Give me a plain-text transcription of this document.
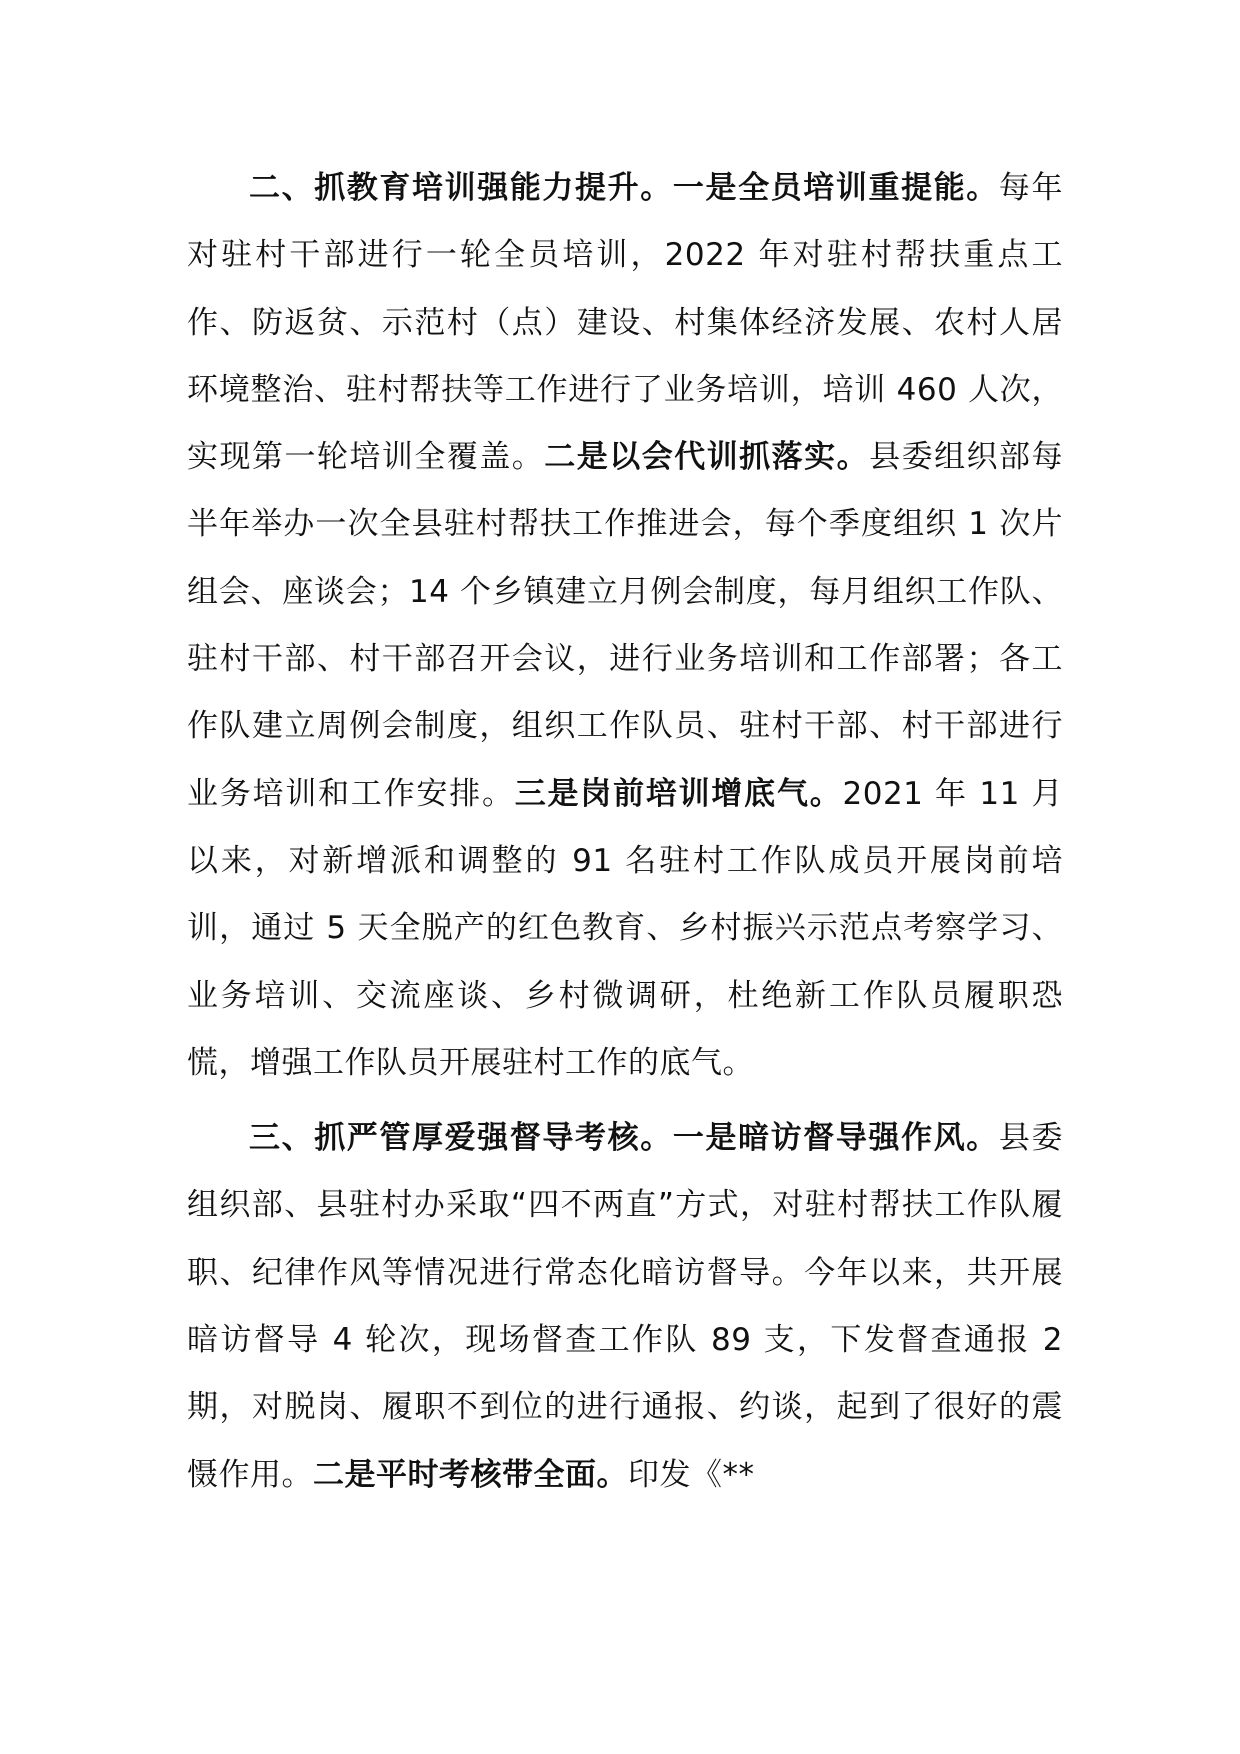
二、抓教育培训强能力提升。一是全员培训重提能。每年对驻村干部进行一轮全员培训，2022 年对驻村帮扶重点工作、防返贫、示范村（点）建设、村集体经济发展、农村人居环境整治、驻村帮扶等工作进行了业务培训，培训 460 人次，实现第一轮培训全覆盖。二是以会代训抓落实。县委组织部每半年举办一次全县驻村帮扶工作推进会，每个季度组织 1 次片组会、座谈会；14 个乡镇建立月例会制度，每月组织工作队、驻村干部、村干部召开会议，进行业务培训和工作部署；各工作队建立周例会制度，组织工作队员、驻村干部、村干部进行业务培训和工作安排。三是岗前培训增底气。2021 年 11 月以来，对新增派和调整的 91 名驻村工作队成员开展岗前培训，通过 5 天全脱产的红色教育、乡村振兴示范点考察学习、业务培训、交流座谈、乡村微调研，杜绝新工作队员履职恐慌，增强工作队员开展驻村工作的底气。

三、抓严管厚爱强督导考核。一是暗访督导强作风。县委组织部、县驻村办采取“四不两直”方式，对驻村帮扶工作队履职、纪律作风等情况进行常态化暗访督导。今年以来，共开展暗访督导 4 轮次，现场督查工作队 89 支，下发督查通报 2 期，对脱岗、履职不到位的进行通报、约谈，起到了很好的震慑作用。二是平时考核带全面。印发《**
